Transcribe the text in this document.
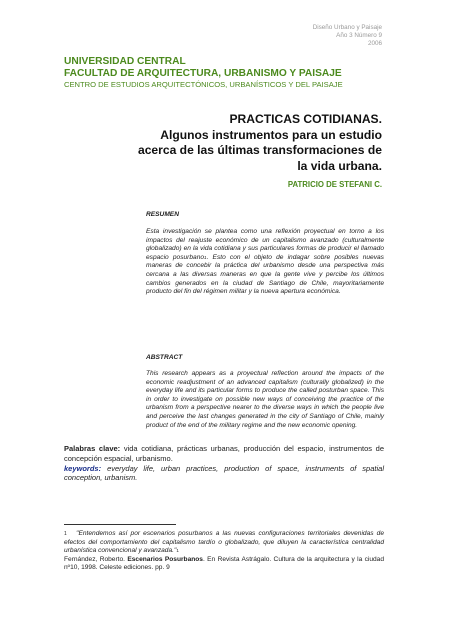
Diseño Urbano y Paisaje
Año 3 Número 9
2006
UNIVERSIDAD CENTRAL
FACULTAD DE ARQUITECTURA, URBANISMO Y PAISAJE
CENTRO DE ESTUDIOS ARQUITECTÓNICOS, URBANÍSTICOS Y DEL PAISAJE
PRACTICAS COTIDIANAS.
Algunos instrumentos para un estudio acerca de las últimas transformaciones de la vida urbana.
PATRICIO DE STEFANI C.
RESUMEN
Esta investigación se plantea como una reflexión proyectual en torno a los impactos del reajuste económico de un capitalismo avanzado (culturalmente globalizado) en la vida cotidiana y sus particulares formas de producir el llamado espacio posurbano$^1$. Esto con el objeto de indagar sobre posibles nuevas maneras de concebir la práctica del urbanismo desde una perspectiva más cercana a las diversas maneras en que la gente vive y percibe los últimos cambios generados en la ciudad de Santiago de Chile, mayoritariamente producto del fin del régimen militar y la nueva apertura económica.
ABSTRACT
This research appears as a proyectual reflection around the impacts of the economic readjustment of an advanced capitalism (culturally globalized) in the everyday life and its particular forms to produce the called posturban space. This in order to investigate on possible new ways of conceiving the practice of the urbanism from a perspective nearer to the diverse ways in which the people live and perceive the last changes generated in the city of Santiago of Chile, mainly product of the end of the military regime and the new economic opening.
Palabras clave: vida cotidiana, prácticas urbanas, producción del espacio, instrumentos de concepción espacial, urbanismo.
keywords: everyday life, urban practices, production of space, instruments of spatial conception, urbanism.
$^1$ "Entendemos así por escenarios posurbanos a las nuevas configuraciones territoriales devenidas de efectos del comportamiento del capitalismo tardío o globalizado, que diluyen la característica centralidad urbanística convencional y avanzada."$^1$
Fernández, Roberto. Escenarios Posurbanos. En Revista Astrágalo. Cultura de la arquitectura y la ciudad nº10, 1998. Celeste ediciones. pp. 9
